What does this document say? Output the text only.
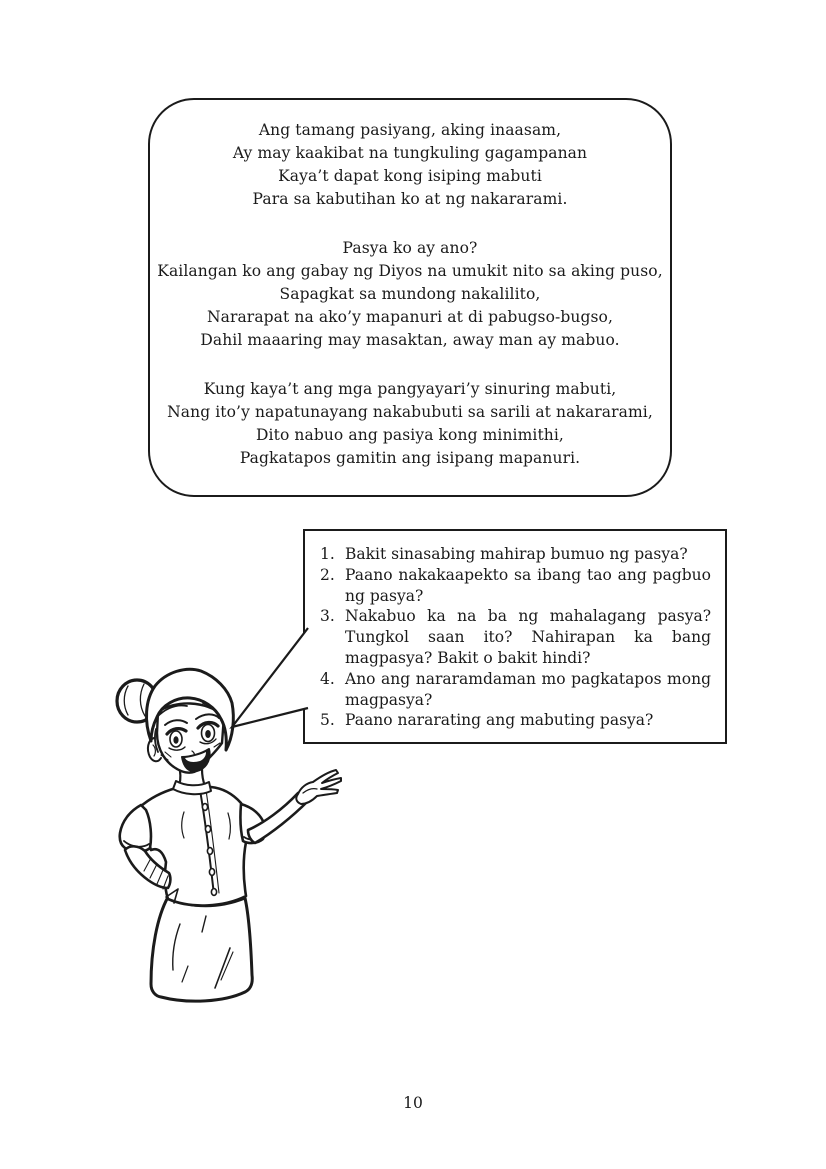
Ang tamang pasiyang, aking inaasam,
Ay may kaakibat na tungkuling gagampanan
Kaya’t dapat kong isiping mabuti
Para sa kabutihan ko at ng nakararami.
Pasya ko ay ano?
Kailangan ko ang gabay ng Diyos na umukit nito sa aking puso,
Sapagkat sa mundong nakalilito,
Nararapat na ako’y mapanuri at di pabugso-bugso,
Dahil maaaring may masaktan, away man ay mabuo.
Kung kaya’t ang mga pangyayari’y sinuring mabuti,
Nang ito’y napatunayang nakabubuti sa sarili at nakararami,
Dito nabuo ang pasiya kong minimithi,
Pagkatapos gamitin ang isipang mapanuri.
1. Bakit sinasabing mahirap bumuo ng pasya?
2. Paano nakakaapekto sa ibang tao ang pagbuo ng pasya?
3. Nakabuo ka na ba ng mahalagang pasya? Tungkol saan ito? Nahirapan ka bang magpasya? Bakit o bakit hindi?
4. Ano ang nararamdaman mo pagkatapos mong magpasya?
5. Paano nararating ang mabuting pasya?
10
